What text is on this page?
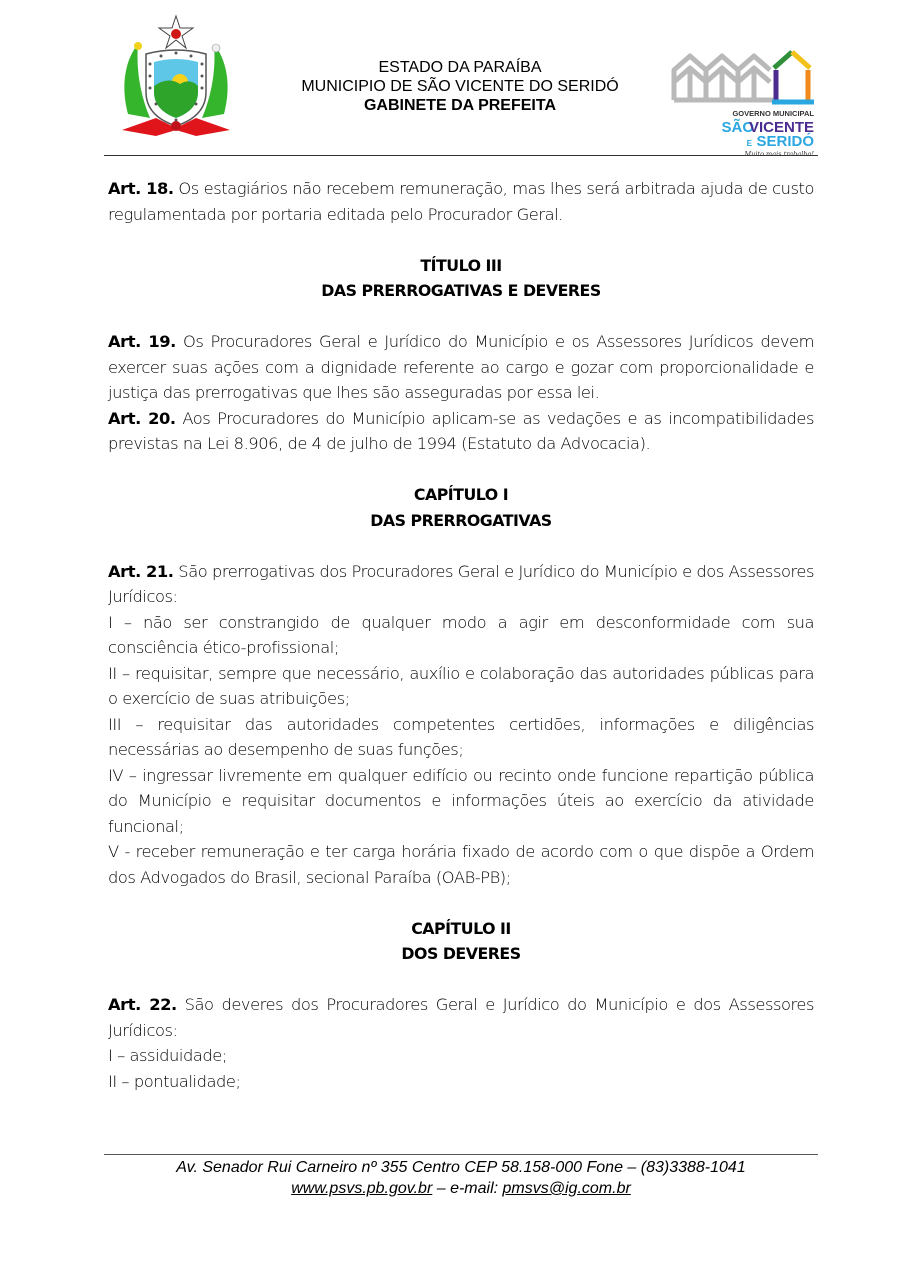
ESTADO DA PARAÍBA
MUNICIPIO DE SÃO VICENTE DO SERIDÓ
GABINETE DA PREFEITA	GOVERNO MUNICIPAL
SÃO
VICENTE
E SERIDÓ
Muito mais trabalho!

Art. 18. Os estagiários não recebem remuneração, mas lhes será arbitrada ajuda de custo regulamentada por portaria editada pelo Procurador Geral.

TÍTULO III

DAS PRERROGATIVAS E DEVERES

Art. 19. Os Procuradores Geral e Jurídico do Município e os Assessores Jurídicos devem exercer suas ações com a dignidade referente ao cargo e gozar com proporcionalidade e justiça das prerrogativas que lhes são asseguradas por essa lei.

Art. 20. Aos Procuradores do Município aplicam-se as vedações e as incompatibilidades previstas na Lei 8.906, de 4 de julho de 1994 (Estatuto da Advocacia).

CAPÍTULO I

DAS PRERROGATIVAS

Art. 21. São prerrogativas dos Procuradores Geral e Jurídico do Município e dos Assessores Jurídicos:

I – não ser constrangido de qualquer modo a agir em desconformidade com sua consciência ético-profissional;

II – requisitar, sempre que necessário, auxílio e colaboração das autoridades públicas para o exercício de suas atribuições;

III – requisitar das autoridades competentes certidões, informações e diligências necessárias ao desempenho de suas funções;

IV – ingressar livremente em qualquer edifício ou recinto onde funcione repartição pública do Município e requisitar documentos e informações úteis ao exercício da atividade funcional;

V - receber remuneração e ter carga horária fixado de acordo com o que dispõe a Ordem dos Advogados do Brasil, secional Paraíba (OAB-PB);

CAPÍTULO II

DOS DEVERES

Art. 22. São deveres dos Procuradores Geral e Jurídico do Município e dos Assessores Jurídicos:

I – assiduidade;

II – pontualidade;

Av. Senador Rui Carneiro nº 355 Centro CEP 58.158-000 Fone – (83)3388-1041
www.psvs.pb.gov.br – e-mail: pmsvs@ig.com.br
